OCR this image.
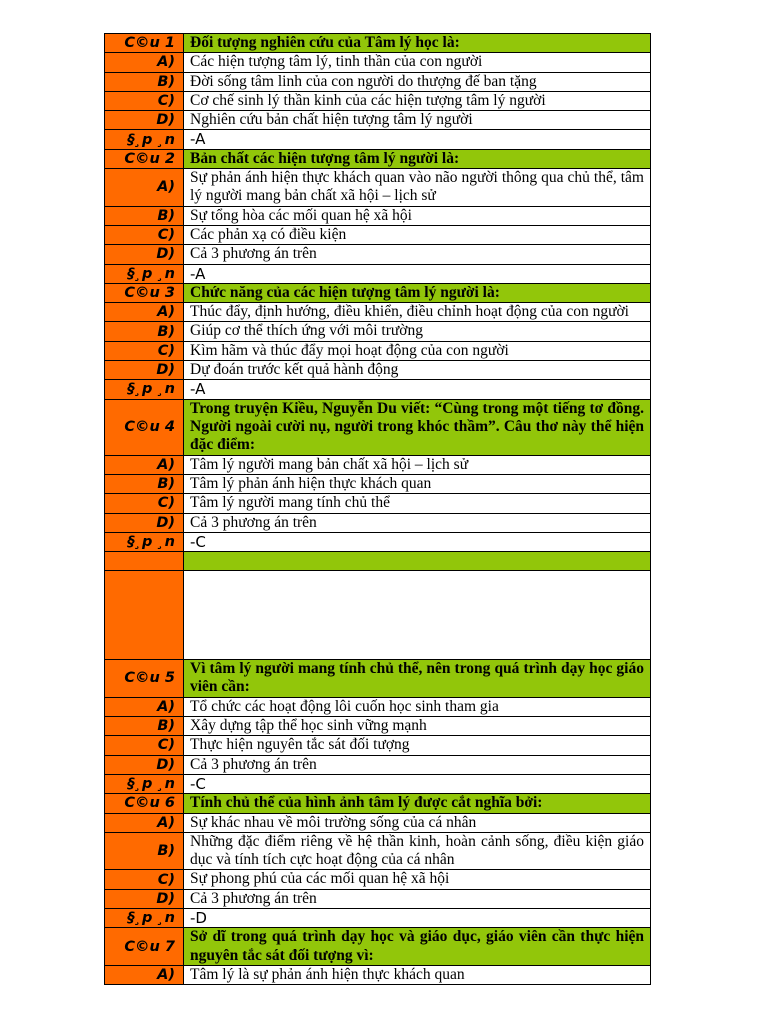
C©u 1	Đối tượng nghiên cứu của Tâm lý học là:
A)	Các hiện tượng tâm lý, tinh thần của con người
B)	Đời sống tâm linh của con người do thượng đế ban tặng
C)	Cơ chế sinh lý thần kinh của các hiện tượng tâm lý người
D)	Nghiên cứu bản chất hiện tượng tâm lý người
§¸p ¸n	-A
C©u 2	Bản chất các hiện tượng tâm lý người là:
A)	Sự phản ánh hiện thực khách quan vào não người thông qua chủ thể, tâm lý người mang bản chất xã hội – lịch sử
B)	Sự tổng hòa các mối quan hệ xã hội
C)	Các phản xạ có điều kiện
D)	Cả 3 phương án trên
§¸p ¸n	-A
C©u 3	Chức năng của các hiện tượng tâm lý người là:
A)	Thúc đẩy, định hướng, điều khiển, điều chỉnh hoạt động của con người
B)	Giúp cơ thể thích ứng với môi trường
C)	Kìm hãm và thúc đẩy mọi hoạt động của con người
D)	Dự đoán trước kết quả hành động
§¸p ¸n	-A
C©u 4	Trong truyện Kiều, Nguyễn Du viết: “Cùng trong một tiếng tơ đồng. Người ngoài cười nụ, người trong khóc thầm”. Câu thơ này thể hiện đặc điểm:
A)	Tâm lý người mang bản chất xã hội – lịch sử
B)	Tâm lý phản ánh hiện thực khách quan
C)	Tâm lý người mang tính chủ thể
D)	Cả 3 phương án trên
§¸p ¸n	-C

C©u 5	Vì tâm lý người mang tính chủ thể, nên trong quá trình dạy học giáo viên cần:
A)	Tổ chức các hoạt động lôi cuốn học sinh tham gia
B)	Xây dựng tập thể học sinh vững mạnh
C)	Thực hiện nguyên tắc sát đối tượng
D)	Cả 3 phương án trên
§¸p ¸n	-C
C©u 6	Tính chủ thể của hình ảnh tâm lý được cắt nghĩa bởi:
A)	Sự khác nhau về môi trường sống của cá nhân
B)	Những đặc điểm riêng về hệ thần kinh, hoàn cảnh sống, điều kiện giáo dục và tính tích cực hoạt động của cá nhân
C)	Sự phong phú của các mối quan hệ xã hội
D)	Cả 3 phương án trên
§¸p ¸n	-D
C©u 7	Sở dĩ trong quá trình dạy học và giáo dục, giáo viên cần thực hiện nguyên tắc sát đối tượng vì:
A)	Tâm lý là sự phản ánh hiện thực khách quan
